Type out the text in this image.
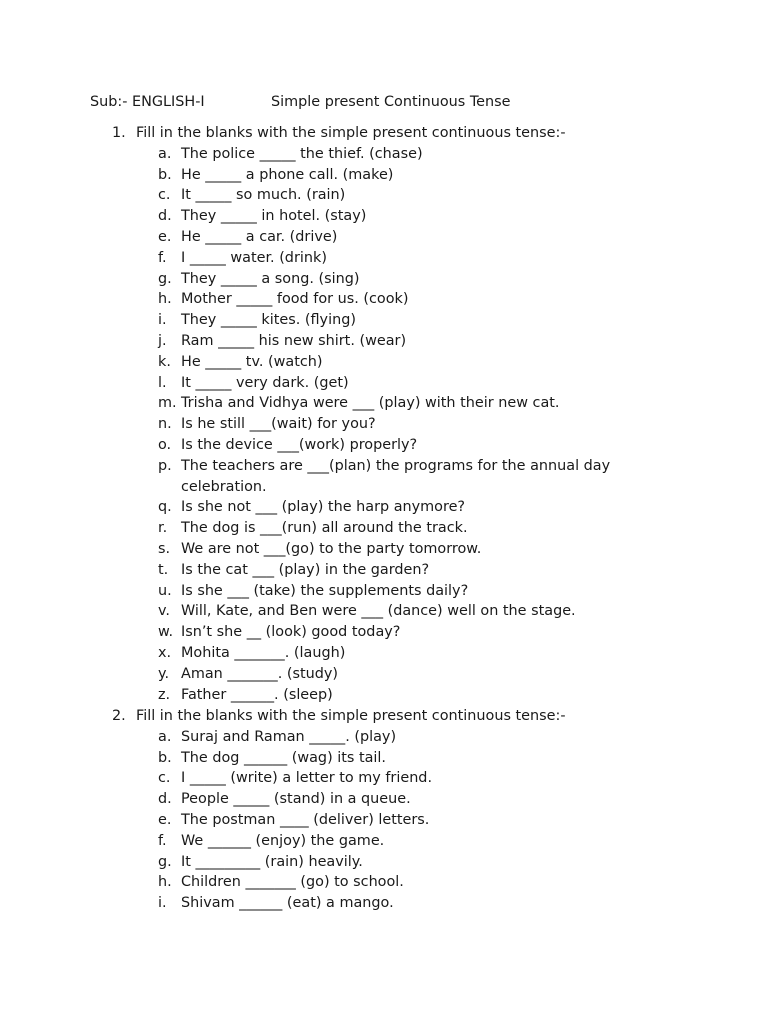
Sub:- ENGLISH-I	Simple present Continuous Tense
1. Fill in the blanks with the simple present continuous tense:-
a. The police _____ the thief. (chase)
b. He _____ a phone call. (make)
c. It _____ so much. (rain)
d. They _____ in hotel. (stay)
e. He _____ a car. (drive)
f. I _____ water. (drink)
g. They _____ a song. (sing)
h. Mother _____ food for us. (cook)
i. They _____ kites. (flying)
j. Ram _____ his new shirt. (wear)
k. He _____ tv. (watch)
l. It _____ very dark. (get)
m. Trisha and Vidhya were ___ (play) with their new cat.
n. Is he still ___(wait) for you?
o. Is the device ___(work) properly?
p. The teachers are ___(plan) the programs for the annual day celebration.
q. Is she not ___ (play) the harp anymore?
r. The dog is ___(run) all around the track.
s. We are not ___(go) to the party tomorrow.
t. Is the cat ___ (play) in the garden?
u. Is she ___ (take) the supplements daily?
v. Will, Kate, and Ben were ___ (dance) well on the stage.
w. Isn’t she __ (look) good today?
x. Mohita _______. (laugh)
y. Aman _______. (study)
z. Father ______. (sleep)
2. Fill in the blanks with the simple present continuous tense:-
a. Suraj and Raman _____. (play)
b. The dog ______ (wag) its tail.
c. I _____ (write) a letter to my friend.
d. People _____ (stand) in a queue.
e. The postman ____ (deliver) letters.
f. We ______ (enjoy) the game.
g. It _________ (rain) heavily.
h. Children _______ (go) to school.
i. Shivam ______ (eat) a mango.
